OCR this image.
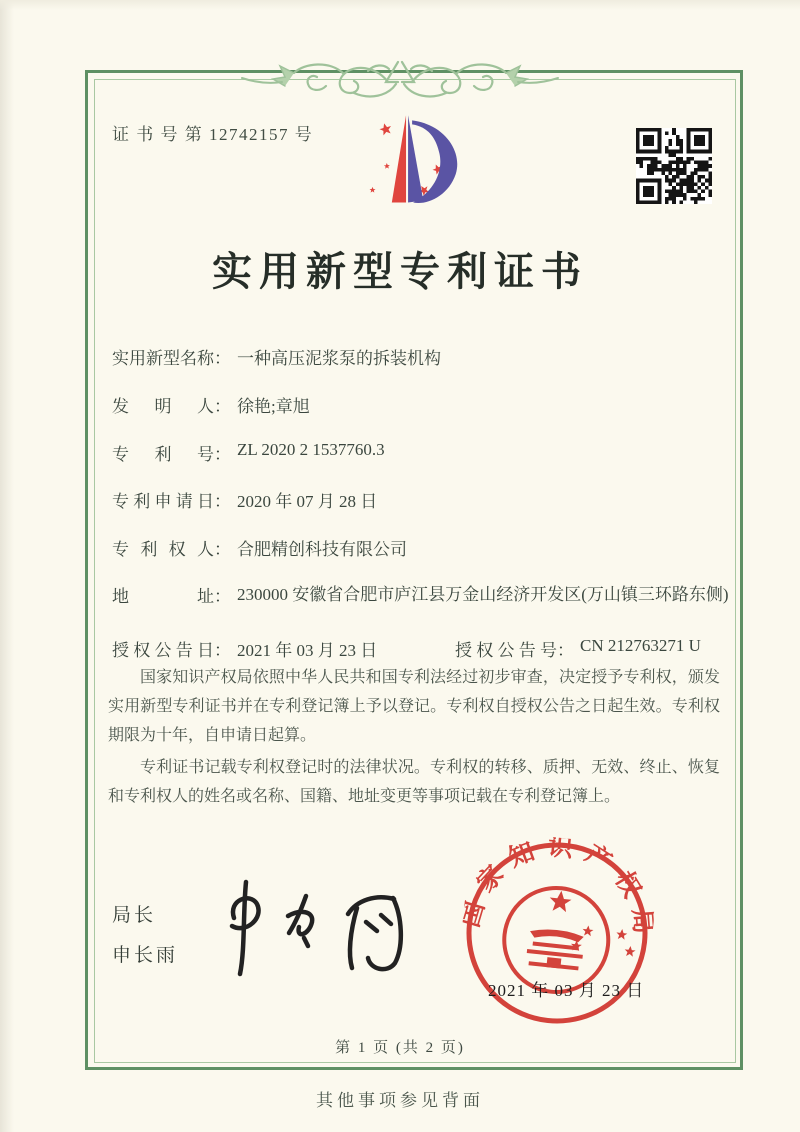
证 书 号 第 12742157 号
实用新型专利证书
实用新型名称： 一种高压泥浆泵的拆装机构
发明人： 徐艳;章旭
专利号： ZL 2020 2 1537760.3
专利申请日： 2020 年 07 月 28 日
专利权人： 合肥精创科技有限公司
地址： 230000 安徽省合肥市庐江县万金山经济开发区(万山镇三环路东侧)
授权公告日： 2021 年 03 月 23 日	授权公告号： CN 212763271 U

国家知识产权局依照中华人民共和国专利法经过初步审查，决定授予专利权，颁发实用新型专利证书并在专利登记簿上予以登记。专利权自授权公告之日起生效。专利权期限为十年，自申请日起算。

专利证书记载专利权登记时的法律状况。专利权的转移、质押、无效、终止、恢复和专利权人的姓名或名称、国籍、地址变更等事项记载在专利登记簿上。

局长
申长雨
国家知识产权局
2021 年 03 月 23 日
第 1 页 (共 2 页)
其他事项参见背面
